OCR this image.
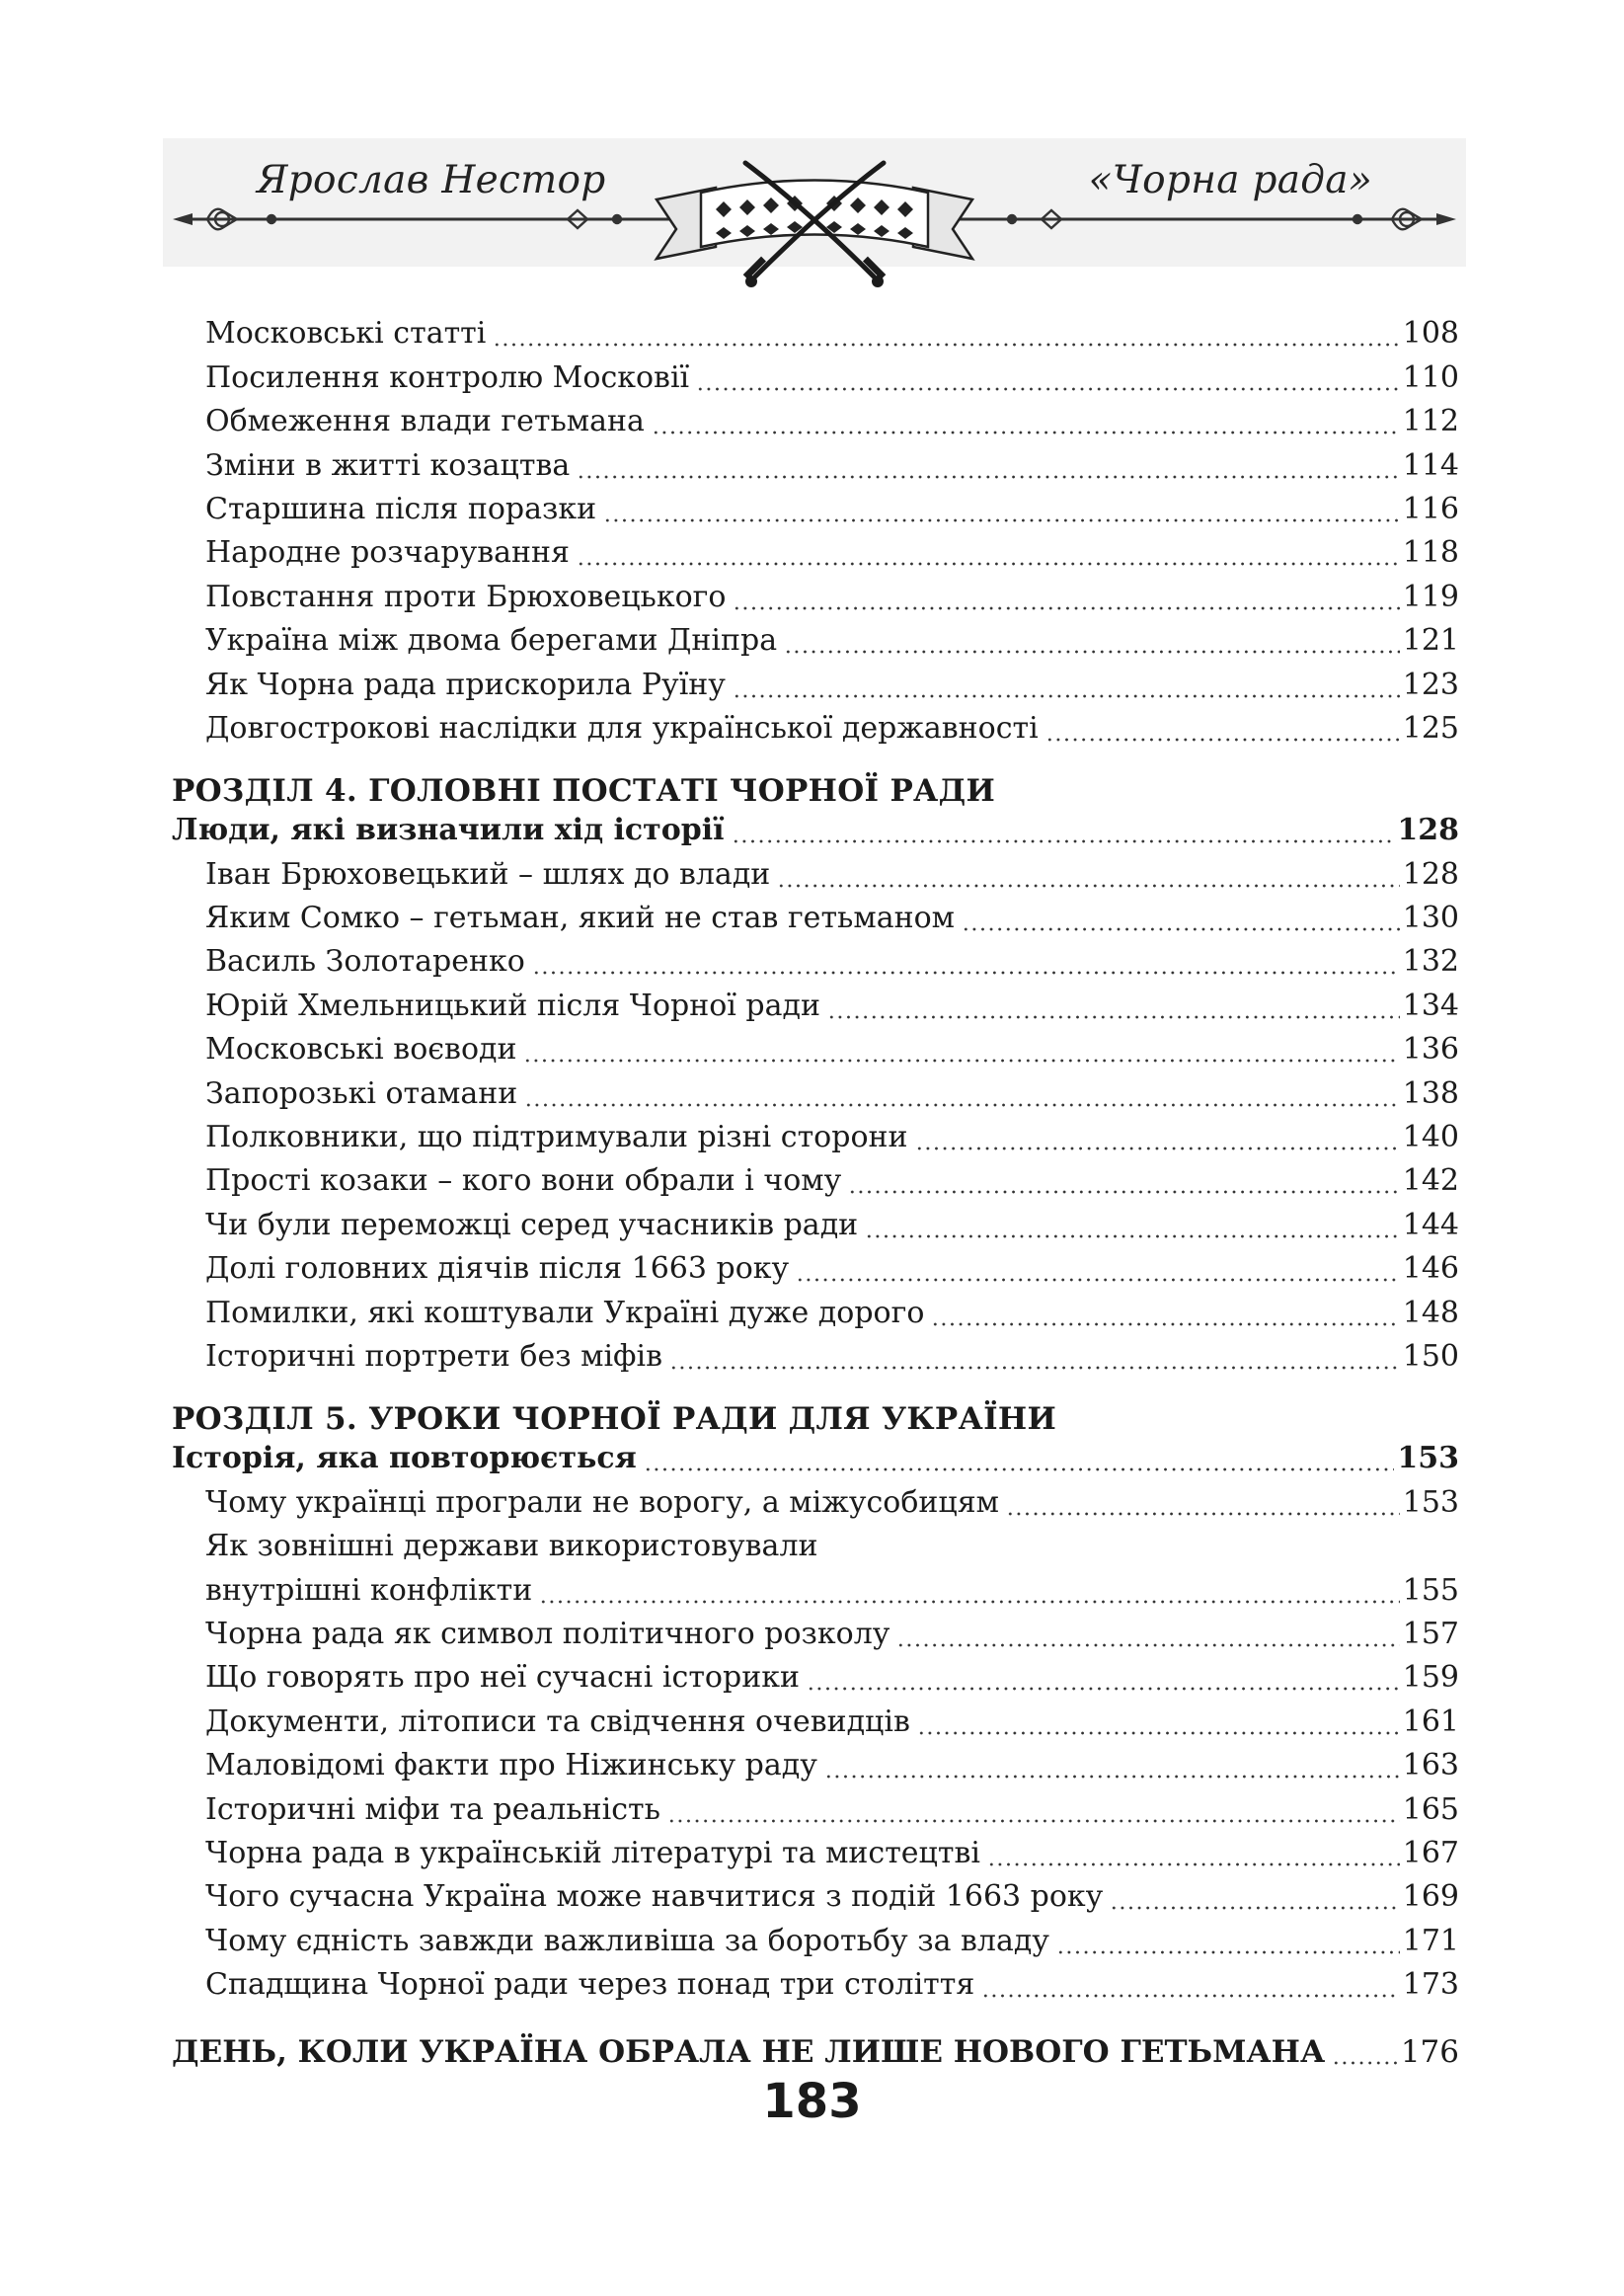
Ярослав Нестор	«Чорна рада»
Московські статті	108
Посилення контролю Московії	110
Обмеження влади гетьмана	112
Зміни в житті козацтва	114
Старшина після поразки	116
Народне розчарування	118
Повстання проти Брюховецького	119
Україна між двома берегами Дніпра	121
Як Чорна рада прискорила Руїну	123
Довгострокові наслідки для української державності	125
РОЗДІЛ 4. ГОЛОВНІ ПОСТАТІ ЧОРНОЇ РАДИ
Люди, які визначили хід історії	128
Іван Брюховецький – шлях до влади	128
Яким Сомко – гетьман, який не став гетьманом	130
Василь Золотаренко	132
Юрій Хмельницький після Чорної ради	134
Московські воєводи	136
Запорозькі отамани	138
Полковники, що підтримували різні сторони	140
Прості козаки – кого вони обрали і чому	142
Чи були переможці серед учасників ради	144
Долі головних діячів після 1663 року	146
Помилки, які коштували Україні дуже дорого	148
Історичні портрети без міфів	150
РОЗДІЛ 5. УРОКИ ЧОРНОЇ РАДИ ДЛЯ УКРАЇНИ
Історія, яка повторюється	153
Чому українці програли не ворогу, а міжусобицям	153
Як зовнішні держави використовували
внутрішні конфлікти	155
Чорна рада як символ політичного розколу	157
Що говорять про неї сучасні історики	159
Документи, літописи та свідчення очевидців	161
Маловідомі факти про Ніжинську раду	163
Історичні міфи та реальність	165
Чорна рада в українській літературі та мистецтві	167
Чого сучасна Україна може навчитися з подій 1663 року	169
Чому єдність завжди важливіша за боротьбу за владу	171
Спадщина Чорної ради через понад три століття	173
ДЕНЬ, КОЛИ УКРАЇНА ОБРАЛА НЕ ЛИШЕ НОВОГО ГЕТЬМАНА 176
183
